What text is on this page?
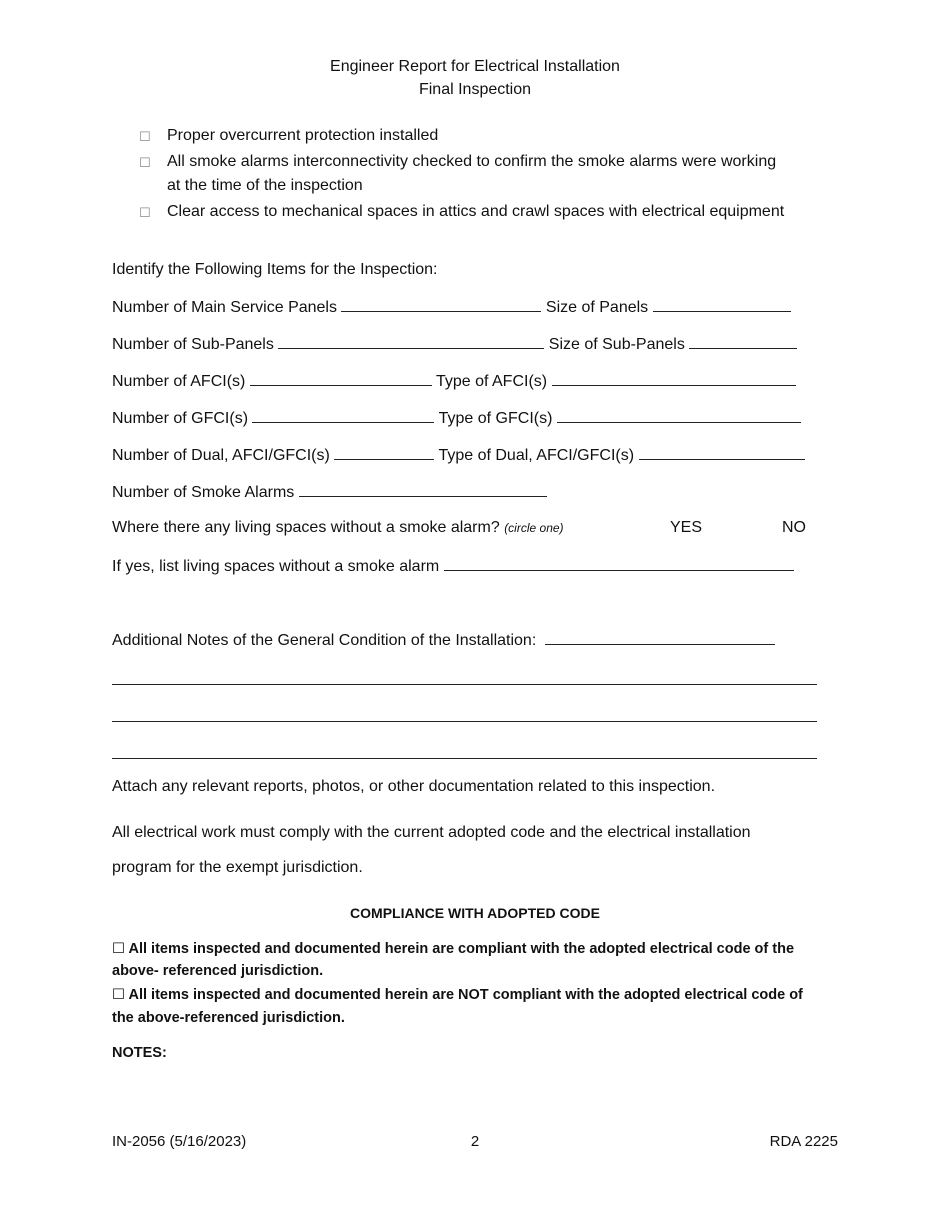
Engineer Report for Electrical Installation
Final Inspection
☐ Proper overcurrent protection installed
☐ All smoke alarms interconnectivity checked to confirm the smoke alarms were working
at the time of the inspection
☐ Clear access to mechanical spaces in attics and crawl spaces with electrical equipment
Identify the Following Items for the Inspection:
Number of Main Service Panels	Size of Panels
Number of Sub-Panels	Size of Sub-Panels
Number of AFCI(s)	Type of AFCI(s)
Number of GFCI(s)	Type of GFCI(s)
Number of Dual, AFCI/GFCI(s)	Type of Dual, AFCI/GFCI(s)
Number of Smoke Alarms
Where there any living spaces without a smoke alarm? (circle one)	YES	NO
If yes, list living spaces without a smoke alarm
Additional Notes of the General Condition of the Installation:
Attach any relevant reports, photos, or other documentation related to this inspection.
All electrical work must comply with the current adopted code and the electrical installation
program for the exempt jurisdiction.
COMPLIANCE WITH ADOPTED CODE
☐ All items inspected and documented herein are compliant with the adopted electrical code of the
above- referenced jurisdiction.
☐ All items inspected and documented herein are NOT compliant with the adopted electrical code of
the above-referenced jurisdiction.
NOTES:
IN-2056 (5/16/2023)	2	RDA 2225
